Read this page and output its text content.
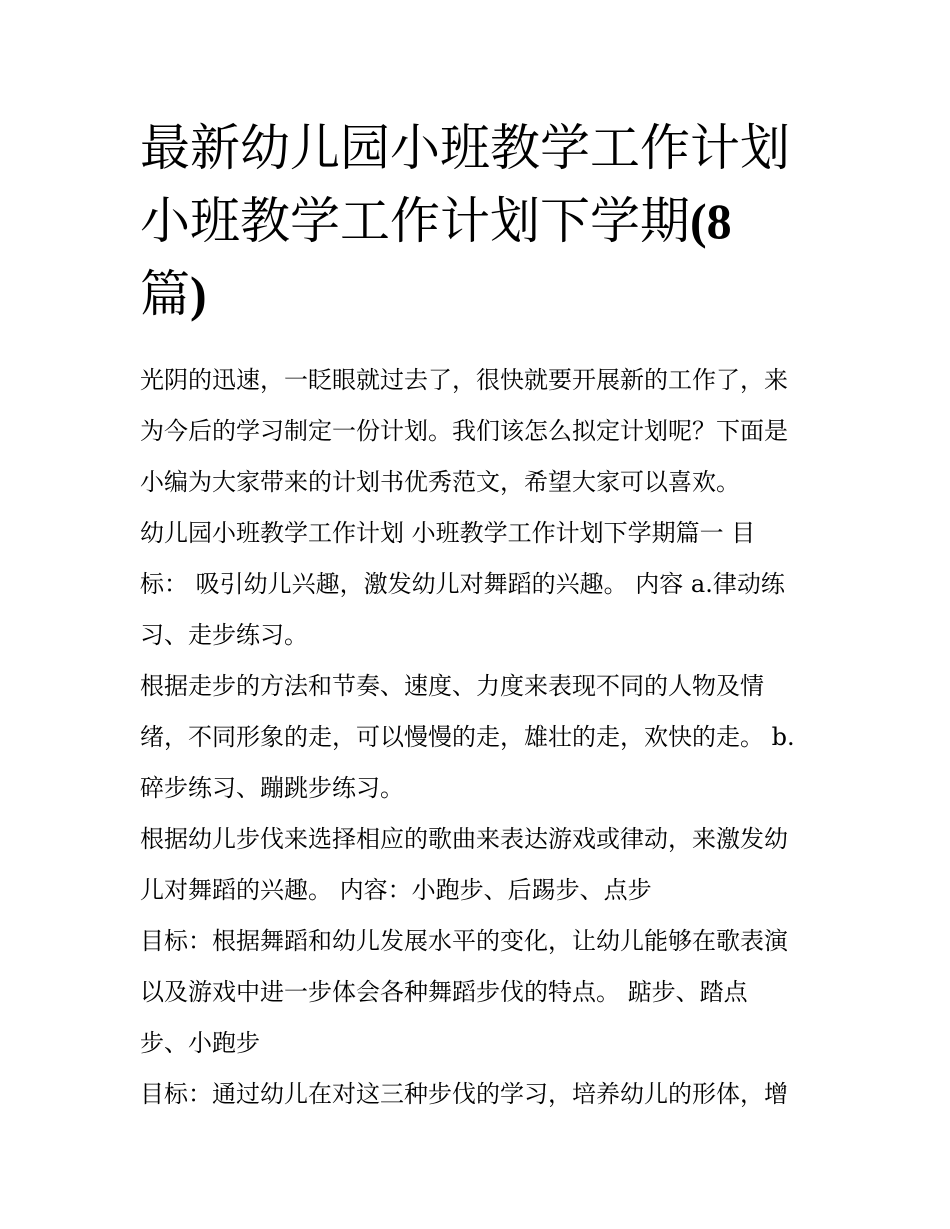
最新幼儿园小班教学工作计划
小班教学工作计划下学期(8
篇)
光阴的迅速，一眨眼就过去了，很快就要开展新的工作了，来
为今后的学习制定一份计划。我们该怎么拟定计划呢？下面是
小编为大家带来的计划书优秀范文，希望大家可以喜欢。
幼儿园小班教学工作计划 小班教学工作计划下学期篇一 目
标： 吸引幼儿兴趣，激发幼儿对舞蹈的兴趣。 内容 a.律动练
习、走步练习。
根据走步的方法和节奏、速度、力度来表现不同的人物及情
绪，不同形象的走，可以慢慢的走，雄壮的走，欢快的走。 b.
碎步练习、蹦跳步练习。
根据幼儿步伐来选择相应的歌曲来表达游戏或律动，来激发幼
儿对舞蹈的兴趣。 内容：小跑步、后踢步、点步
目标：根据舞蹈和幼儿发展水平的变化，让幼儿能够在歌表演
以及游戏中进一步体会各种舞蹈步伐的特点。 踮步、踏点
步、小跑步
目标：通过幼儿在对这三种步伐的学习，培养幼儿的形体，增
